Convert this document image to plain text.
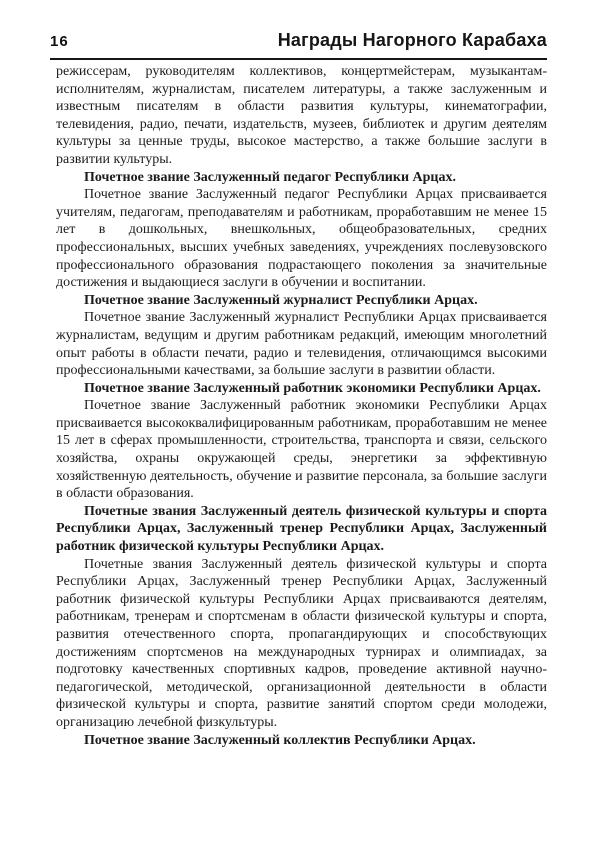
16	Награды Нагорного Карабаха

режиссерам, руководителям коллективов, концертмейстерам, музыкантам-исполнителям, журналистам, писателем литературы, а также заслуженным и известным писателям в области развития культуры, кинематографии, телевидения, радио, печати, издательств, музеев, библиотек и другим деятелям культуры за ценные труды, высокое мастерство, а также большие заслуги в развитии культуры.

Почетное звание Заслуженный педагог Республики Арцах.

Почетное звание Заслуженный педагог Республики Арцах присваивается учителям, педагогам, преподавателям и работникам, проработавшим не менее 15 лет в дошкольных, внешкольных, общеобразовательных, средних профессиональных, высших учебных заведениях, учреждениях послевузовского профессионального образования подрастающего поколения за значительные достижения и выдающиеся заслуги в обучении и воспитании.

Почетное звание Заслуженный журналист Республики Арцах.

Почетное звание Заслуженный журналист Республики Арцах присваивается журналистам, ведущим и другим работникам редакций, имеющим многолетний опыт работы в области печати, радио и телевидения, отличающимся высокими профессиональными качествами, за большие заслуги в развитии области.

Почетное звание Заслуженный работник экономики Республики Арцах.

Почетное звание Заслуженный работник экономики Республики Арцах присваивается высококвалифицированным работникам, проработавшим не менее 15 лет в сферах промышленности, строительства, транспорта и связи, сельского хозяйства, охраны окружающей среды, энергетики за эффективную хозяйственную деятельность, обучение и развитие персонала, за большие заслуги в области образования.

Почетные звания Заслуженный деятель физической культуры и спорта Республики Арцах, Заслуженный тренер Республики Арцах, Заслуженный работник физической культуры Республики Арцах.

Почетные звания Заслуженный деятель физической культуры и спорта Республики Арцах, Заслуженный тренер Республики Арцах, Заслуженный работник физической культуры Республики Арцах присваиваются деятелям, работникам, тренерам и спортсменам в области физической культуры и спорта, развития отечественного спорта, пропагандирующих и способствующих достижениям спортсменов на международных турнирах и олимпиадах, за подготовку качественных спортивных кадров, проведение активной научно-педагогической, методической, организационной деятельности в области физической культуры и спорта, развитие занятий спортом среди молодежи, организацию лечебной физкультуры.

Почетное звание Заслуженный коллектив Республики Арцах.
